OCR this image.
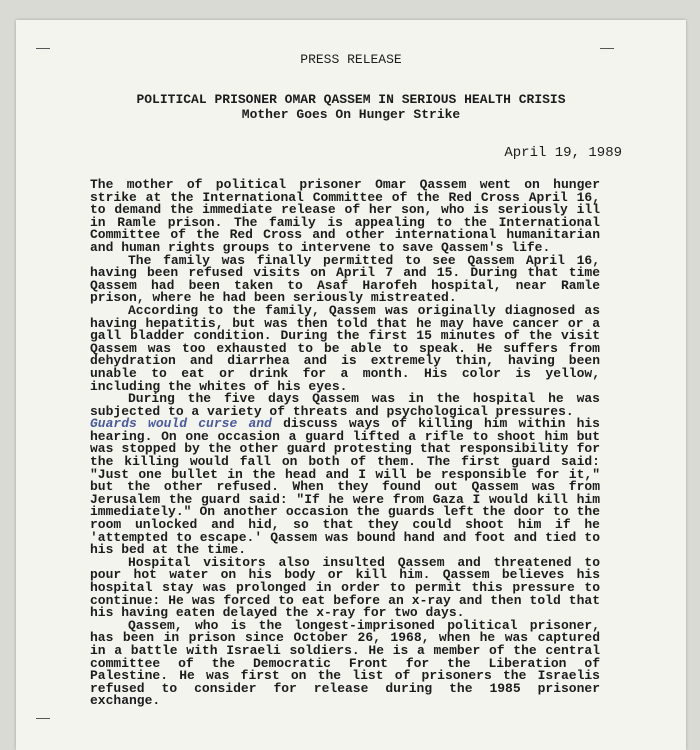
PRESS RELEASE
POLITICAL PRISONER OMAR QASSEM IN SERIOUS HEALTH CRISIS
Mother Goes On Hunger Strike
April 19, 1989

The mother of political prisoner Omar Qassem went on hunger strike at the International Committee of the Red Cross April 16, to demand the immediate release of her son, who is seriously ill in Ramle prison. The family is appealing to the International Committee of the Red Cross and other international humanitarian and human rights groups to intervene to save Qassem's life.

The family was finally permitted to see Qassem April 16, having been refused visits on April 7 and 15. During that time Qassem had been taken to Asaf Harofeh hospital, near Ramle prison, where he had been seriously mistreated.

According to the family, Qassem was originally diagnosed as having hepatitis, but was then told that he may have cancer or a gall bladder condition. During the first 15 minutes of the visit Qassem was too exhausted to be able to speak. He suffers from dehydration and diarrhea and is extremely thin, having been unable to eat or drink for a month. His color is yellow, including the whites of his eyes.

During the five days Qassem was in the hospital he was subjected to a variety of threats and psychological pressures.

Guards would curse and discuss ways of killing him within his hearing. On one occasion a guard lifted a rifle to shoot him but was stopped by the other guard protesting that responsibility for the killing would fall on both of them. The first guard said: "Just one bullet in the head and I will be responsible for it," but the other refused. When they found out Qassem was from Jerusalem the guard said: "If he were from Gaza I would kill him immediately." On another occasion the guards left the door to the room unlocked and hid, so that they could shoot him if he 'attempted to escape.' Qassem was bound hand and foot and tied to his bed at the time.

Hospital visitors also insulted Qassem and threatened to pour hot water on his body or kill him. Qassem believes his hospital stay was prolonged in order to permit this pressure to continue: He was forced to eat before an x-ray and then told that his having eaten delayed the x-ray for two days.

Qassem, who is the longest-imprisoned political prisoner, has been in prison since October 26, 1968, when he was captured in a battle with Israeli soldiers. He is a member of the central committee of the Democratic Front for the Liberation of Palestine. He was first on the list of prisoners the Israelis refused to consider for release during the 1985 prisoner exchange.
